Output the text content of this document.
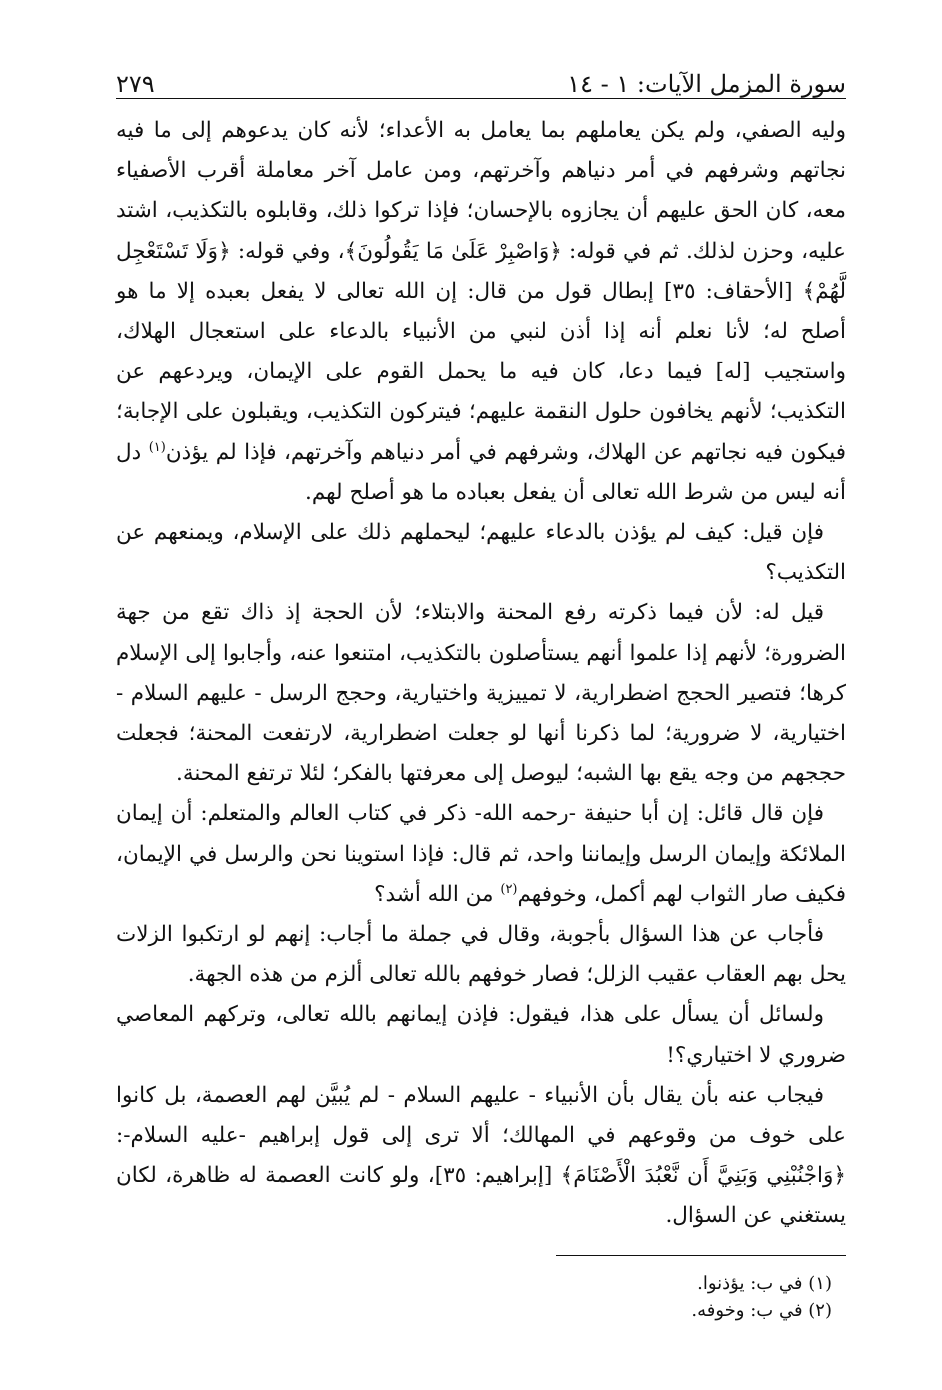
سورة المزمل الآيات: ١ - ١٤
٢٧٩

وليه الصفي، ولم يكن يعاملهم بما يعامل به الأعداء؛ لأنه كان يدعوهم إلى ما فيه نجاتهم وشرفهم في أمر دنياهم وآخرتهم، ومن عامل آخر معاملة أقرب الأصفياء معه، كان الحق عليهم أن يجازوه بالإحسان؛ فإذا تركوا ذلك، وقابلوه بالتكذيب، اشتد عليه، وحزن لذلك. ثم في قوله: ﴿وَاصْبِرْ عَلَىٰ مَا يَقُولُونَ﴾، وفي قوله: ﴿وَلَا تَسْتَعْجِل لَّهُمْ﴾ [الأحقاف: ٣٥] إبطال قول من قال: إن الله تعالى لا يفعل بعبده إلا ما هو أصلح له؛ لأنا نعلم أنه إذا أذن لنبي من الأنبياء بالدعاء على استعجال الهلاك، واستجيب [له] فيما دعا، كان فيه ما يحمل القوم على الإيمان، ويردعهم عن التكذيب؛ لأنهم يخافون حلول النقمة عليهم؛ فيتركون التكذيب، ويقبلون على الإجابة؛ فيكون فيه نجاتهم عن الهلاك، وشرفهم في أمر دنياهم وآخرتهم، فإذا لم يؤذن$^{(١)}$ دل أنه ليس من شرط الله تعالى أن يفعل بعباده ما هو أصلح لهم.

فإن قيل: كيف لم يؤذن بالدعاء عليهم؛ ليحملهم ذلك على الإسلام، ويمنعهم عن التكذيب؟

قيل له: لأن فيما ذكرته رفع المحنة والابتلاء؛ لأن الحجة إذ ذاك تقع من جهة الضرورة؛ لأنهم إذا علموا أنهم يستأصلون بالتكذيب، امتنعوا عنه، وأجابوا إلى الإسلام كرها؛ فتصير الحجج اضطرارية، لا تمييزية واختيارية، وحجج الرسل - عليهم السلام - اختيارية، لا ضرورية؛ لما ذكرنا أنها لو جعلت اضطرارية، لارتفعت المحنة؛ فجعلت حججهم من وجه يقع بها الشبه؛ ليوصل إلى معرفتها بالفكر؛ لئلا ترتفع المحنة.

فإن قال قائل: إن أبا حنيفة -رحمه الله- ذكر في كتاب العالم والمتعلم: أن إيمان الملائكة وإيمان الرسل وإيماننا واحد، ثم قال: فإذا استوينا نحن والرسل في الإيمان، فكيف صار الثواب لهم أكمل، وخوفهم$^{(٢)}$ من الله أشد؟

فأجاب عن هذا السؤال بأجوبة، وقال في جملة ما أجاب: إنهم لو ارتكبوا الزلات يحل بهم العقاب عقيب الزلل؛ فصار خوفهم بالله تعالى ألزم من هذه الجهة.

ولسائل أن يسأل على هذا، فيقول: فإذن إيمانهم بالله تعالى، وتركهم المعاصي ضروري لا اختياري؟!

فيجاب عنه بأن يقال بأن الأنبياء - عليهم السلام - لم يُبيَّن لهم العصمة، بل كانوا على خوف من وقوعهم في المهالك؛ ألا ترى إلى قول إبراهيم -عليه السلام-: ﴿وَاجْنُبْنِي وَبَنِيَّ أَن نَّعْبُدَ الْأَصْنَامَ﴾ [إبراهيم: ٣٥]، ولو كانت العصمة له ظاهرة، لكان يستغني عن السؤال.

(١) في ب: يؤذنوا.
(٢) في ب: وخوفه.
